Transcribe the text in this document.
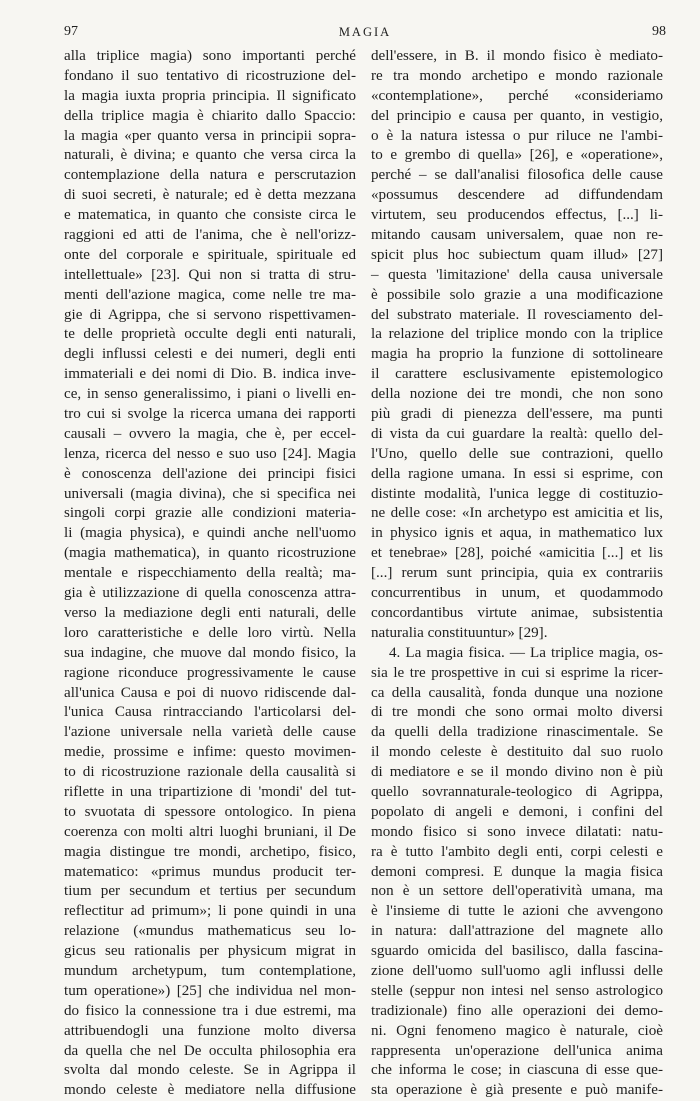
97	MAGIA	98
alla triplice magia) sono importanti perché
fondano il suo tentativo di ricostruzione del-
la magia iuxta propria principia. Il significato
della triplice magia è chiarito dallo Spaccio:
la magia «per quanto versa in principii sopra-
naturali, è divina; e quanto che versa circa la
contemplazione della natura e perscrutazion
di suoi secreti, è naturale; ed è detta mezzana
e matematica, in quanto che consiste circa le
raggioni ed atti de l'anima, che è nell'orizz-
onte del corporale e spirituale, spirituale ed
intellettuale» [23]. Qui non si tratta di stru-
menti dell'azione magica, come nelle tre ma-
gie di Agrippa, che si servono rispettivamen-
te delle proprietà occulte degli enti naturali,
degli influssi celesti e dei numeri, degli enti
immateriali e dei nomi di Dio. B. indica inve-
ce, in senso generalissimo, i piani o livelli en-
tro cui si svolge la ricerca umana dei rapporti
causali – ovvero la magia, che è, per eccel-
lenza, ricerca del nesso e suo uso [24]. Magia
è conoscenza dell'azione dei principi fisici
universali (magia divina), che si specifica nei
singoli corpi grazie alle condizioni materia-
li (magia physica), e quindi anche nell'uomo
(magia mathematica), in quanto ricostruzione
mentale e rispecchiamento della realtà; ma-
gia è utilizzazione di quella conoscenza attra-
verso la mediazione degli enti naturali, delle
loro caratteristiche e delle loro virtù. Nella
sua indagine, che muove dal mondo fisico, la
ragione riconduce progressivamente le cause
all'unica Causa e poi di nuovo ridiscende dal-
l'unica Causa rintracciando l'articolarsi del-
l'azione universale nella varietà delle cause
medie, prossime e infime: questo movimen-
to di ricostruzione razionale della causalità si
riflette in una tripartizione di 'mondi' del tut-
to svuotata di spessore ontologico. In piena
coerenza con molti altri luoghi bruniani, il De
magia distingue tre mondi, archetipo, fisico,
matematico: «primus mundus producit ter-
tium per secundum et tertius per secundum
reflectitur ad primum»; li pone quindi in una
relazione («mundus mathematicus seu lo-
gicus seu rationalis per physicum migrat in
mundum archetypum, tum contemplatione,
tum operatione») [25] che individua nel mon-
do fisico la connessione tra i due estremi, ma
attribuendogli una funzione molto diversa
da quella che nel De occulta philosophia era
svolta dal mondo celeste. Se in Agrippa il
mondo celeste è mediatore nella diffusione
dell'essere, in B. il mondo fisico è mediato-
re tra mondo archetipo e mondo razionale
«contemplatione», perché «consideriamo
del principio e causa per quanto, in vestigio,
o è la natura istessa o pur riluce ne l'ambi-
to e grembo di quella» [26], e «operatione»,
perché – se dall'analisi filosofica delle cause
«possumus descendere ad diffundendam
virtutem, seu producendos effectus, [...] li-
mitando causam universalem, quae non re-
spicit plus hoc subiectum quam illud» [27]
– questa 'limitazione' della causa universale
è possibile solo grazie a una modificazione
del substrato materiale. Il rovesciamento del-
la relazione del triplice mondo con la triplice
magia ha proprio la funzione di sottolineare
il carattere esclusivamente epistemologico
della nozione dei tre mondi, che non sono
più gradi di pienezza dell'essere, ma punti
di vista da cui guardare la realtà: quello del-
l'Uno, quello delle sue contrazioni, quello
della ragione umana. In essi si esprime, con
distinte modalità, l'unica legge di costituzio-
ne delle cose: «In archetypo est amicitia et lis,
in physico ignis et aqua, in mathematico lux
et tenebrae» [28], poiché «amicitia [...] et lis
[...] rerum sunt principia, quia ex contrariis
concurrentibus in unum, et quodammodo
concordantibus virtute animae, subsistentia
naturalia constituuntur» [29].
4. La magia fisica. — La triplice magia, os-
sia le tre prospettive in cui si esprime la ricer-
ca della causalità, fonda dunque una nozione
di tre mondi che sono ormai molto diversi
da quelli della tradizione rinascimentale. Se
il mondo celeste è destituito dal suo ruolo
di mediatore e se il mondo divino non è più
quello sovrannaturale-teologico di Agrippa,
popolato di angeli e demoni, i confini del
mondo fisico si sono invece dilatati: natu-
ra è tutto l'ambito degli enti, corpi celesti e
demoni compresi. E dunque la magia fisica
non è un settore dell'operatività umana, ma
è l'insieme di tutte le azioni che avvengono
in natura: dall'attrazione del magnete allo
sguardo omicida del basilisco, dalla fascina-
zione dell'uomo sull'uomo agli influssi delle
stelle (seppur non intesi nel senso astrologico
tradizionale) fino alle operazioni dei demo-
ni. Ogni fenomeno magico è naturale, cioè
rappresenta un'operazione dell'unica anima
che informa le cose; in ciascuna di esse que-
sta operazione è già presente e può manife-
